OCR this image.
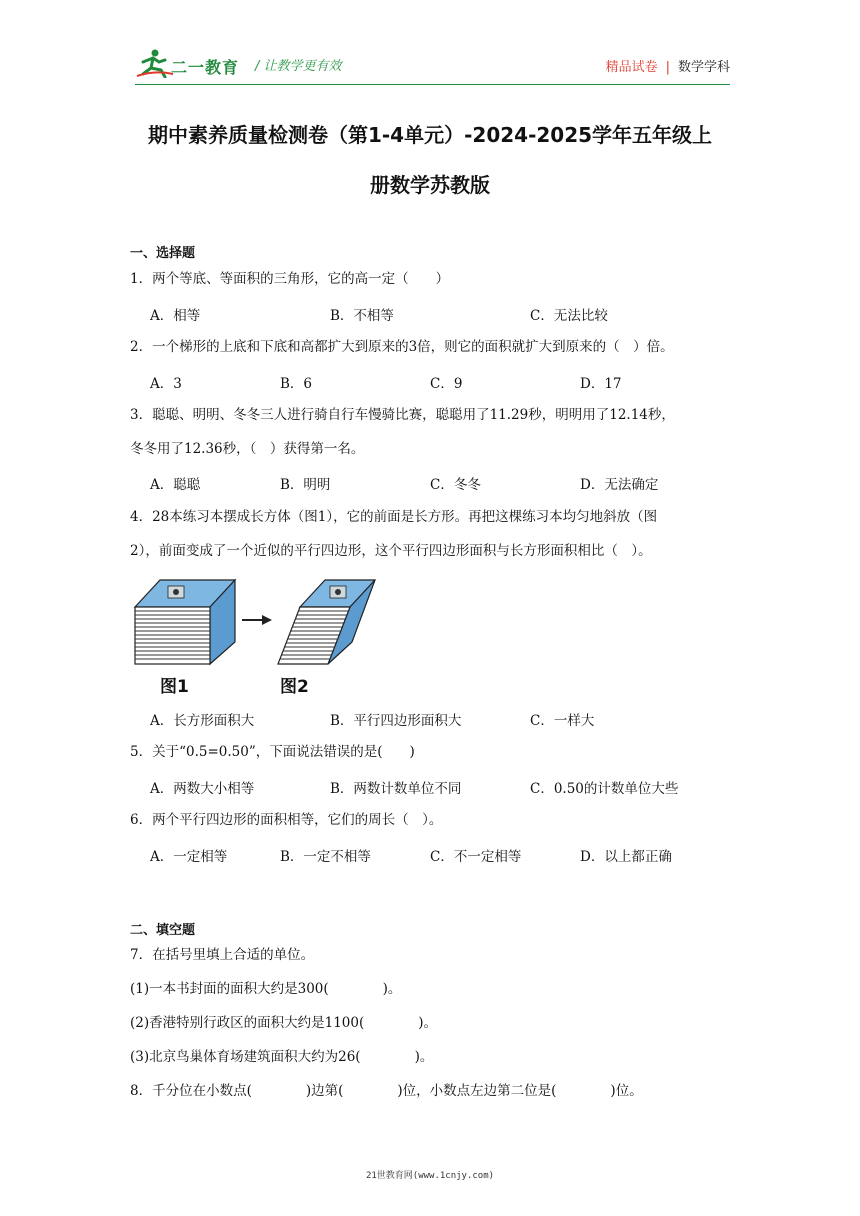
二一教育 / 让教学更有效	精品试卷 | 数学学科
期中素养质量检测卷（第1-4单元）-2024-2025学年五年级上
册数学苏教版
一、选择题
1．两个等底、等面积的三角形，它的高一定（　　）
A．相等	B．不相等	C．无法比较
2．一个梯形的上底和下底和高都扩大到原来的3倍，则它的面积就扩大到原来的（　）倍。
A．3	B．6	C．9	D．17
3．聪聪、明明、冬冬三人进行骑自行车慢骑比赛，聪聪用了11.29秒，明明用了12.14秒，
冬冬用了12.36秒，（　）获得第一名。
A．聪聪	B．明明	C．冬冬	D．无法确定
4．28本练习本摆成长方体（图1），它的前面是长方形。再把这棵练习本均匀地斜放（图
2），前面变成了一个近似的平行四边形，这个平行四边形面积与长方形面积相比（　）。
图1	图2
A．长方形面积大	B．平行四边形面积大	C．一样大
5．关于“0.5=0.50”，下面说法错误的是(　　)
A．两数大小相等	B．两数计数单位不同	C．0.50的计数单位大些
6．两个平行四边形的面积相等，它们的周长（　）。
A．一定相等	B．一定不相等	C．不一定相等	D．以上都正确
二、填空题
7．在括号里填上合适的单位。
(1)一本书封面的面积大约是300(　　　　)。
(2)香港特别行政区的面积大约是1100(　　　　)。
(3)北京鸟巢体育场建筑面积大约为26(　　　　)。
8．千分位在小数点(　　　　)边第(　　　　)位，小数点左边第二位是(　　　　)位。
21世教育网(www.1cnjy.com)
